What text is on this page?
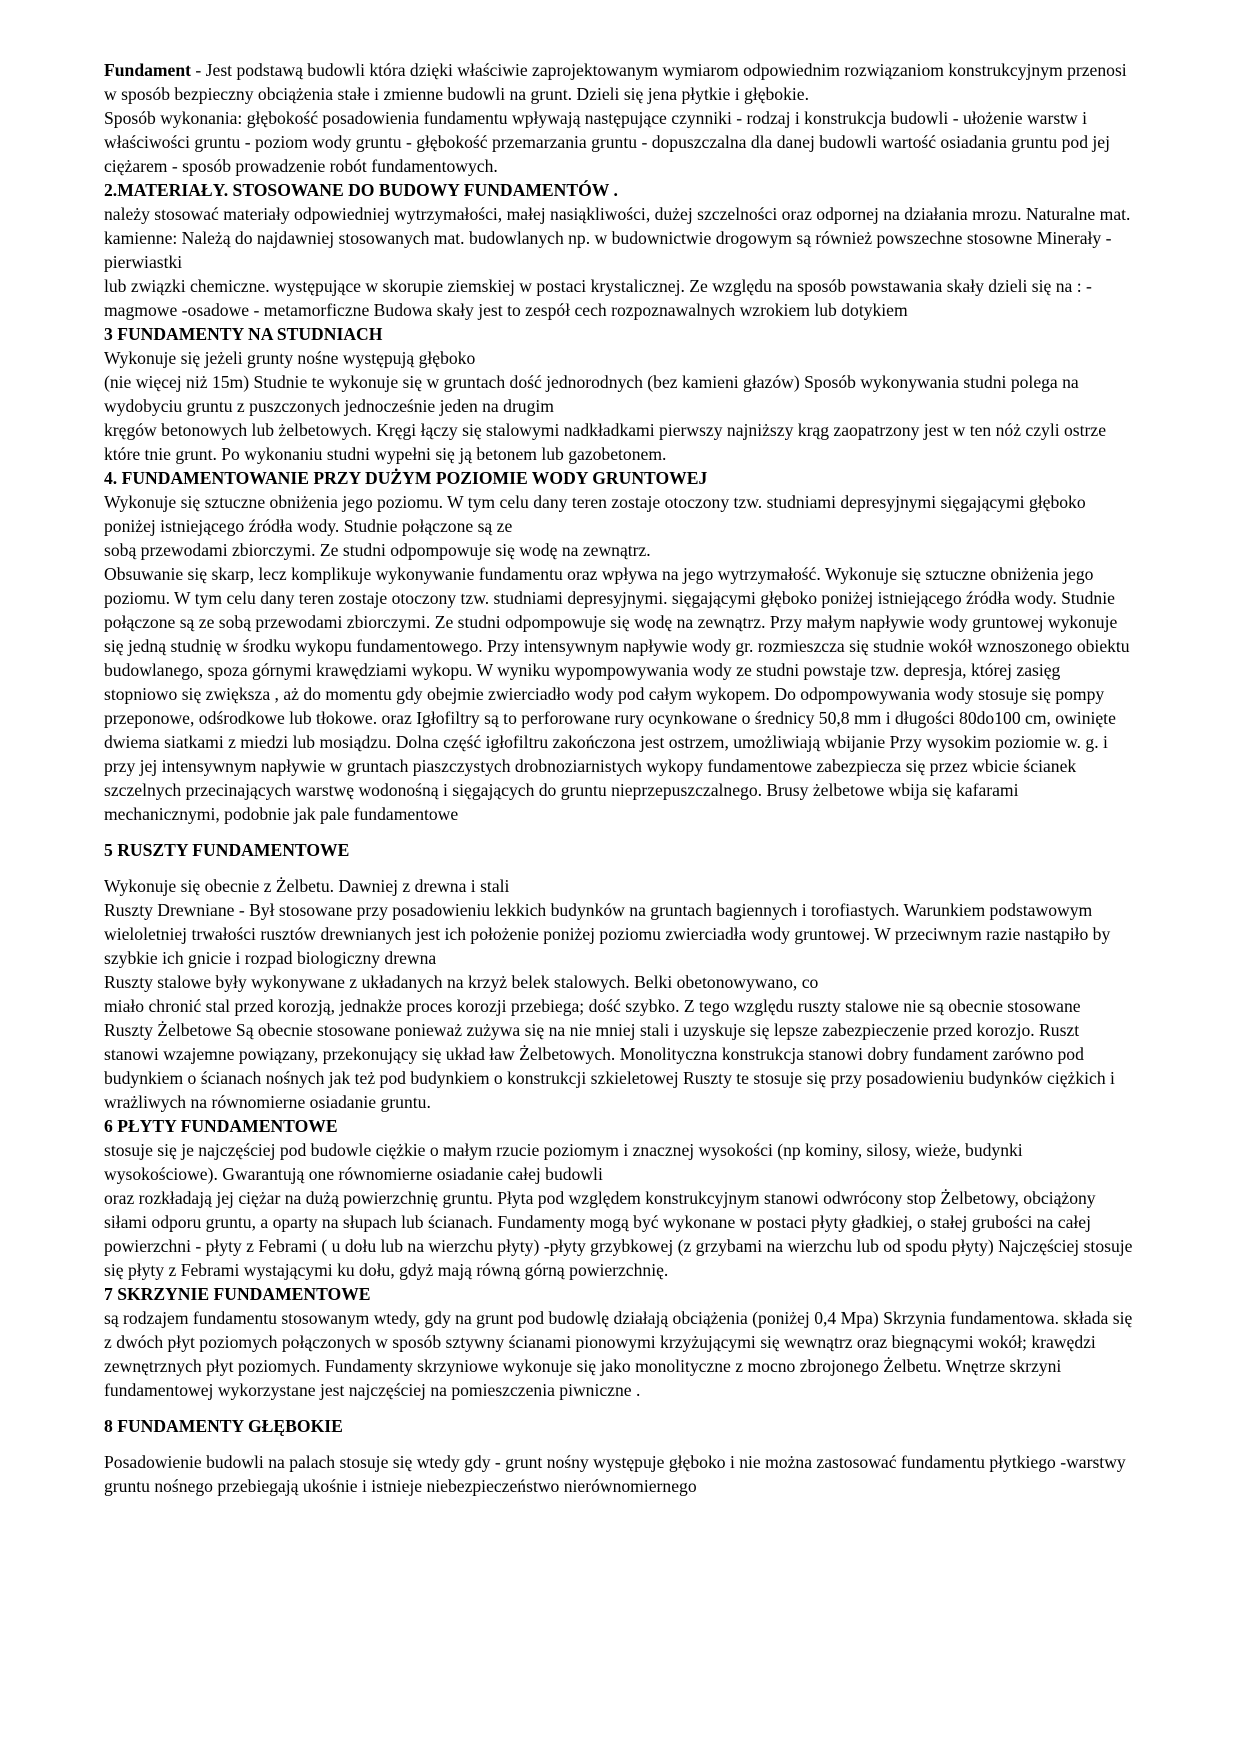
Fundament - Jest podstawą budowli która dzięki właściwie zaprojektowanym wymiarom odpowiednim rozwiązaniom konstrukcyjnym przenosi w sposób bezpieczny obciążenia stałe i zmienne budowli na grunt. Dzieli się jena płytkie i głębokie.

Sposób wykonania: głębokość posadowienia fundamentu wpływają następujące czynniki - rodzaj i konstrukcja budowli - ułożenie warstw i właściwości gruntu - poziom wody gruntu - głębokość przemarzania gruntu - dopuszczalna dla danej budowli wartość osiadania gruntu pod jej ciężarem - sposób prowadzenie robót fundamentowych.

2.MATERIAŁY. STOSOWANE DO BUDOWY FUNDAMENTÓW .

należy stosować materiały odpowiedniej wytrzymałości, małej nasiąkliwości, dużej szczelności oraz odpornej na działania mrozu. Naturalne mat. kamienne: Należą do najdawniej stosowanych mat. budowlanych np. w budownictwie drogowym są również powszechne stosowne Minerały -pierwiastki

lub związki chemiczne. występujące w skorupie ziemskiej w postaci krystalicznej. Ze względu na sposób powstawania skały dzieli się na : - magmowe -osadowe - metamorficzne Budowa skały jest to zespół cech rozpoznawalnych wzrokiem lub dotykiem

3 FUNDAMENTY NA STUDNIACH

Wykonuje się jeżeli grunty nośne występują głęboko

(nie więcej niż 15m) Studnie te wykonuje się w gruntach dość jednorodnych (bez kamieni głazów) Sposób wykonywania studni polega na wydobyciu gruntu z puszczonych jednocześnie jeden na drugim

kręgów betonowych lub żelbetowych. Kręgi łączy się stalowymi nadkładkami pierwszy najniższy krąg zaopatrzony jest w ten nóż czyli ostrze które tnie grunt. Po wykonaniu studni wypełni się ją betonem lub gazobetonem.

4. FUNDAMENTOWANIE PRZY DUŻYM POZIOMIE WODY GRUNTOWEJ

Wykonuje się sztuczne obniżenia jego poziomu. W tym celu dany teren zostaje otoczony tzw. studniami depresyjnymi sięgającymi głęboko poniżej istniejącego źródła wody. Studnie połączone są ze

sobą przewodami zbiorczymi. Ze studni odpompowuje się wodę na zewnątrz.

Obsuwanie się skarp, lecz komplikuje wykonywanie fundamentu oraz wpływa na jego wytrzymałość. Wykonuje się sztuczne obniżenia jego poziomu. W tym celu dany teren zostaje otoczony tzw. studniami depresyjnymi. sięgającymi głęboko poniżej istniejącego źródła wody. Studnie połączone są ze sobą przewodami zbiorczymi. Ze studni odpompowuje się wodę na zewnątrz. Przy małym napływie wody gruntowej wykonuje się jedną studnię w środku wykopu fundamentowego. Przy intensywnym napływie wody gr. rozmieszcza się studnie wokół wznoszonego obiektu budowlanego, spoza górnymi krawędziami wykopu. W wyniku wypompowywania wody ze studni powstaje tzw. depresja, której zasięg stopniowo się zwiększa , aż do momentu gdy obejmie zwierciadło wody pod całym wykopem. Do odpompowywania wody stosuje się pompy przeponowe, odśrodkowe lub tłokowe. oraz Igłofiltry są to perforowane rury ocynkowane o średnicy 50,8 mm i długości 80do100 cm, owinięte dwiema siatkami z miedzi lub mosiądzu. Dolna część igłofiltru zakończona jest ostrzem, umożliwiają wbijanie Przy wysokim poziomie w. g. i przy jej intensywnym napływie w gruntach piaszczystych drobnoziarnistych wykopy fundamentowe zabezpiecza się przez wbicie ścianek szczelnych przecinających warstwę wodonośną i sięgających do gruntu nieprzepuszczalnego. Brusy żelbetowe wbija się kafarami mechanicznymi, podobnie jak pale fundamentowe

5 RUSZTY FUNDAMENTOWE

Wykonuje się obecnie z Żelbetu. Dawniej z drewna i stali

Ruszty Drewniane - Był stosowane przy posadowieniu lekkich budynków na gruntach bagiennych i torofiastych. Warunkiem podstawowym wieloletniej trwałości rusztów drewnianych jest ich położenie poniżej poziomu zwierciadła wody gruntowej. W przeciwnym razie nastąpiło by szybkie ich gnicie i rozpad biologiczny drewna

Ruszty stalowe były wykonywane z układanych na krzyż belek stalowych. Belki obetonowywano, co

miało chronić stal przed korozją, jednakże proces korozji przebiega; dość szybko. Z tego względu ruszty stalowe nie są obecnie stosowane

Ruszty Żelbetowe Są obecnie stosowane ponieważ zużywa się na nie mniej stali i uzyskuje się lepsze zabezpieczenie przed korozjo. Ruszt stanowi wzajemne powiązany, przekonujący się układ ław Żelbetowych. Monolityczna konstrukcja stanowi dobry fundament zarówno pod budynkiem o ścianach nośnych jak też pod budynkiem o konstrukcji szkieletowej Ruszty te stosuje się przy posadowieniu budynków ciężkich i wrażliwych na równomierne osiadanie gruntu.

6 PŁYTY FUNDAMENTOWE

stosuje się je najczęściej pod budowle ciężkie o małym rzucie poziomym i znacznej wysokości (np kominy, silosy, wieże, budynki wysokościowe). Gwarantują one równomierne osiadanie całej budowli

oraz rozkładają jej ciężar na dużą powierzchnię gruntu. Płyta pod względem konstrukcyjnym stanowi odwrócony stop Żelbetowy, obciążony siłami odporu gruntu, a oparty na słupach lub ścianach. Fundamenty mogą być wykonane w postaci płyty gładkiej, o stałej grubości na całej powierzchni - płyty z Febrami ( u dołu lub na wierzchu płyty) -płyty grzybkowej (z grzybami na wierzchu lub od spodu płyty) Najczęściej stosuje się płyty z Febrami wystającymi ku dołu, gdyż mają równą górną powierzchnię.

7 SKRZYNIE FUNDAMENTOWE

są rodzajem fundamentu stosowanym wtedy, gdy na grunt pod budowlę działają obciążenia (poniżej 0,4 Mpa) Skrzynia fundamentowa. składa się z dwóch płyt poziomych połączonych w sposób sztywny ścianami pionowymi krzyżującymi się wewnątrz oraz biegnącymi wokół; krawędzi zewnętrznych płyt poziomych. Fundamenty skrzyniowe wykonuje się jako monolityczne z mocno zbrojonego Żelbetu. Wnętrze skrzyni fundamentowej wykorzystane jest najczęściej na pomieszczenia piwniczne .

8 FUNDAMENTY GŁĘBOKIE

Posadowienie budowli na palach stosuje się wtedy gdy - grunt nośny występuje głęboko i nie można zastosować fundamentu płytkiego -warstwy gruntu nośnego przebiegają ukośnie i istnieje niebezpieczeństwo nierównomiernego
